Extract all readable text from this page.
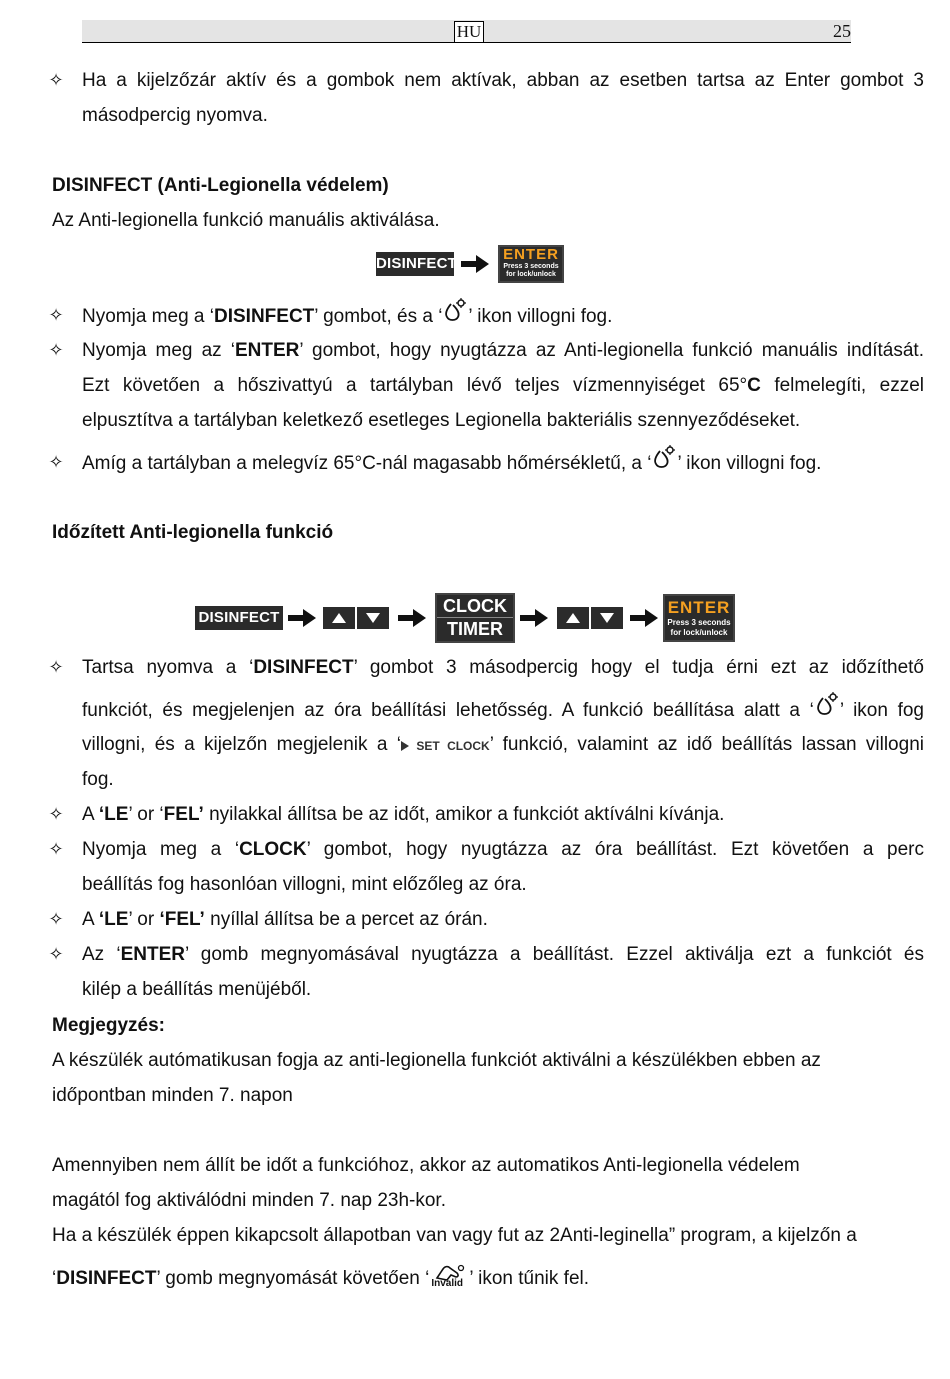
HU	25
✧ Ha a kijelzőzár aktív és a gombok nem aktívak, abban az esetben tartsa az Enter gombot 3
másodpercig nyomva.
DISINFECT (Anti-Legionella védelem)
Az Anti-legionella funkció manuális aktiválása.
DISINFECT
ENTER
Press 3 seconds
for lock/unlock
✧ Nyomja meg a ‘DISINFECT’ gombot, és a ‘ ’ ikon villogni fog.
✧ Nyomja meg az ‘ENTER’ gombot, hogy nyugtázza az Anti-legionella funkció manuális indítását.
Ezt követően a hőszivattyú a tartályban lévő teljes vízmennyiséget 65°C felmelegíti, ezzel
elpusztítva a tartályban keletkező esetleges Legionella bakteriális szennyeződéseket.
✧ Amíg a tartályban a melegvíz 65°C-nál magasabb hőmérsékletű, a ‘ ’ ikon villogni fog.
Időzített Anti-legionella funkció
DISINFECT
CLOCK
TIMER
ENTER
Press 3 seconds
for lock/unlock
✧ Tartsa nyomva a ‘DISINFECT’ gombot 3 másodpercig hogy el tudja érni ezt az időzíthető
funkciót, és megjelenjen az óra beállítási lehetősség. A funkció beállítása alatt a ‘ ’ ikon fog
villogni, és a kijelzőn megjelenik a ‘ SET CLOCK’ funkció, valamint az idő beállítás lassan villogni
fog.
✧ A ‘LE’ or ‘FEL’ nyilakkal állítsa be az időt, amikor a funkciót aktíválni kívánja.
✧ Nyomja meg a ‘CLOCK’ gombot, hogy nyugtázza az óra beállítást. Ezt követően a perc
beállítás fog hasonlóan villogni, mint előzőleg az óra.
✧ A ‘LE’ or ‘FEL’ nyíllal állítsa be a percet az órán.
✧ Az ‘ENTER’ gomb megnyomásával nyugtázza a beállítást. Ezzel aktiválja ezt a funkciót és
kilép a beállítás menüjéből.
Megjegyzés:
A készülék autómatikusan fogja az anti-legionella funkciót aktiválni a készülékben ebben az
időpontban minden 7. napon
Amennyiben nem állít be időt a funkcióhoz, akkor az automatikos Anti-legionella védelem
magától fog aktiválódni minden 7. nap 23h-kor.
Ha a készülék éppen kikapcsolt állapotban van vagy fut az 2Anti-leginella” program, a kijelzőn a
‘DISINFECT’ gomb megnyomását követően ‘ Invalid ’ ikon tűnik fel.
